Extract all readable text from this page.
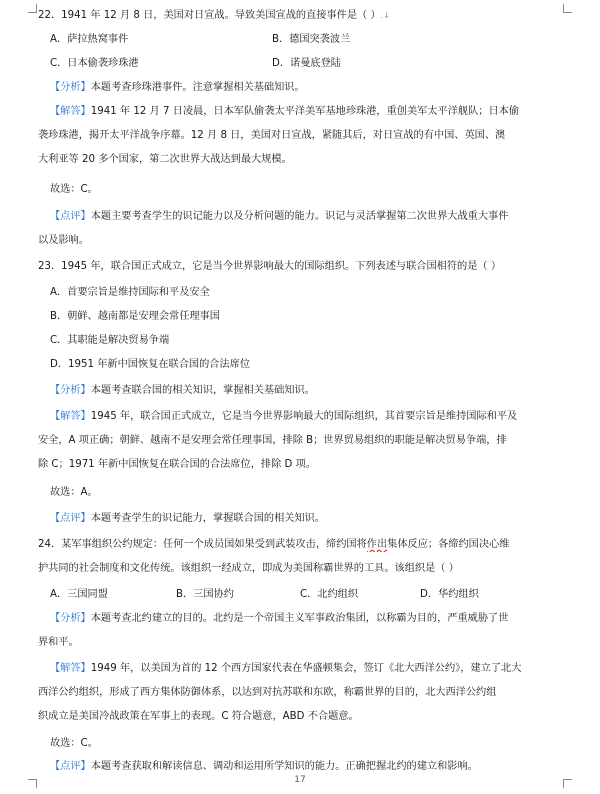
22．1941 年 12 月 8 日，美国对日宣战。导致美国宣战的直接事件是（ ）.↓
A．萨拉热窝事件	B．德国突袭波兰
C．日本偷袭珍珠港	D．诺曼底登陆
【分析】本题考查珍珠港事件。注意掌握相关基础知识。
【解答】1941 年 12 月 7 日凌晨，日本军队偷袭太平洋美军基地珍珠港，重创美军太平洋舰队；日本偷
袭珍珠港，揭开太平洋战争序幕。12 月 8 日，美国对日宣战，紧随其后，对日宣战的有中国、英国、澳
大利亚等 20 多个国家，第二次世界大战达到最大规模。
故选：C。
【点评】本题主要考查学生的识记能力以及分析问题的能力。识记与灵活掌握第二次世界大战重大事件
以及影响。
23．1945 年，联合国正式成立，它是当今世界影响最大的国际组织。下列表述与联合国相符的是（ ）
A．首要宗旨是维持国际和平及安全
B．朝鲜、越南都是安理会常任理事国
C．其职能是解决贸易争端
D．1951 年新中国恢复在联合国的合法席位
【分析】本题考查联合国的相关知识，掌握相关基础知识。
【解答】1945 年，联合国正式成立，它是当今世界影响最大的国际组织，其首要宗旨是维持国际和平及
安全，A 项正确；朝鲜、越南不是安理会常任理事国，排除 B；世界贸易组织的职能是解决贸易争端，排
除 C；1971 年新中国恢复在联合国的合法席位，排除 D 项。
故选：A。
【点评】本题考查学生的识记能力，掌握联合国的相关知识。
24．某军事组织公约规定：任何一个成员国如果受到武装攻击，缔约国将作出集体反应；各缔约国决心维
护共同的社会制度和文化传统。该组织一经成立，即成为美国称霸世界的工具。该组织是（ ）
A．三国同盟	B．三国协约	C．北约组织	D．华约组织
【分析】本题考查北约建立的目的。北约是一个帝国主义军事政治集团，以称霸为目的，严重威胁了世
界和平。
【解答】1949 年，以美国为首的 12 个西方国家代表在华盛顿集会，签订《北大西洋公约》，建立了北大
西洋公约组织，形成了西方集体防御体系，以达到对抗苏联和东欧，称霸世界的目的，北大西洋公约组
织成立是美国冷战政策在军事上的表现。C 符合题意，ABD 不合题意。
故选：C。
【点评】本题考查获取和解读信息、调动和运用所学知识的能力。正确把握北约的建立和影响。
17
